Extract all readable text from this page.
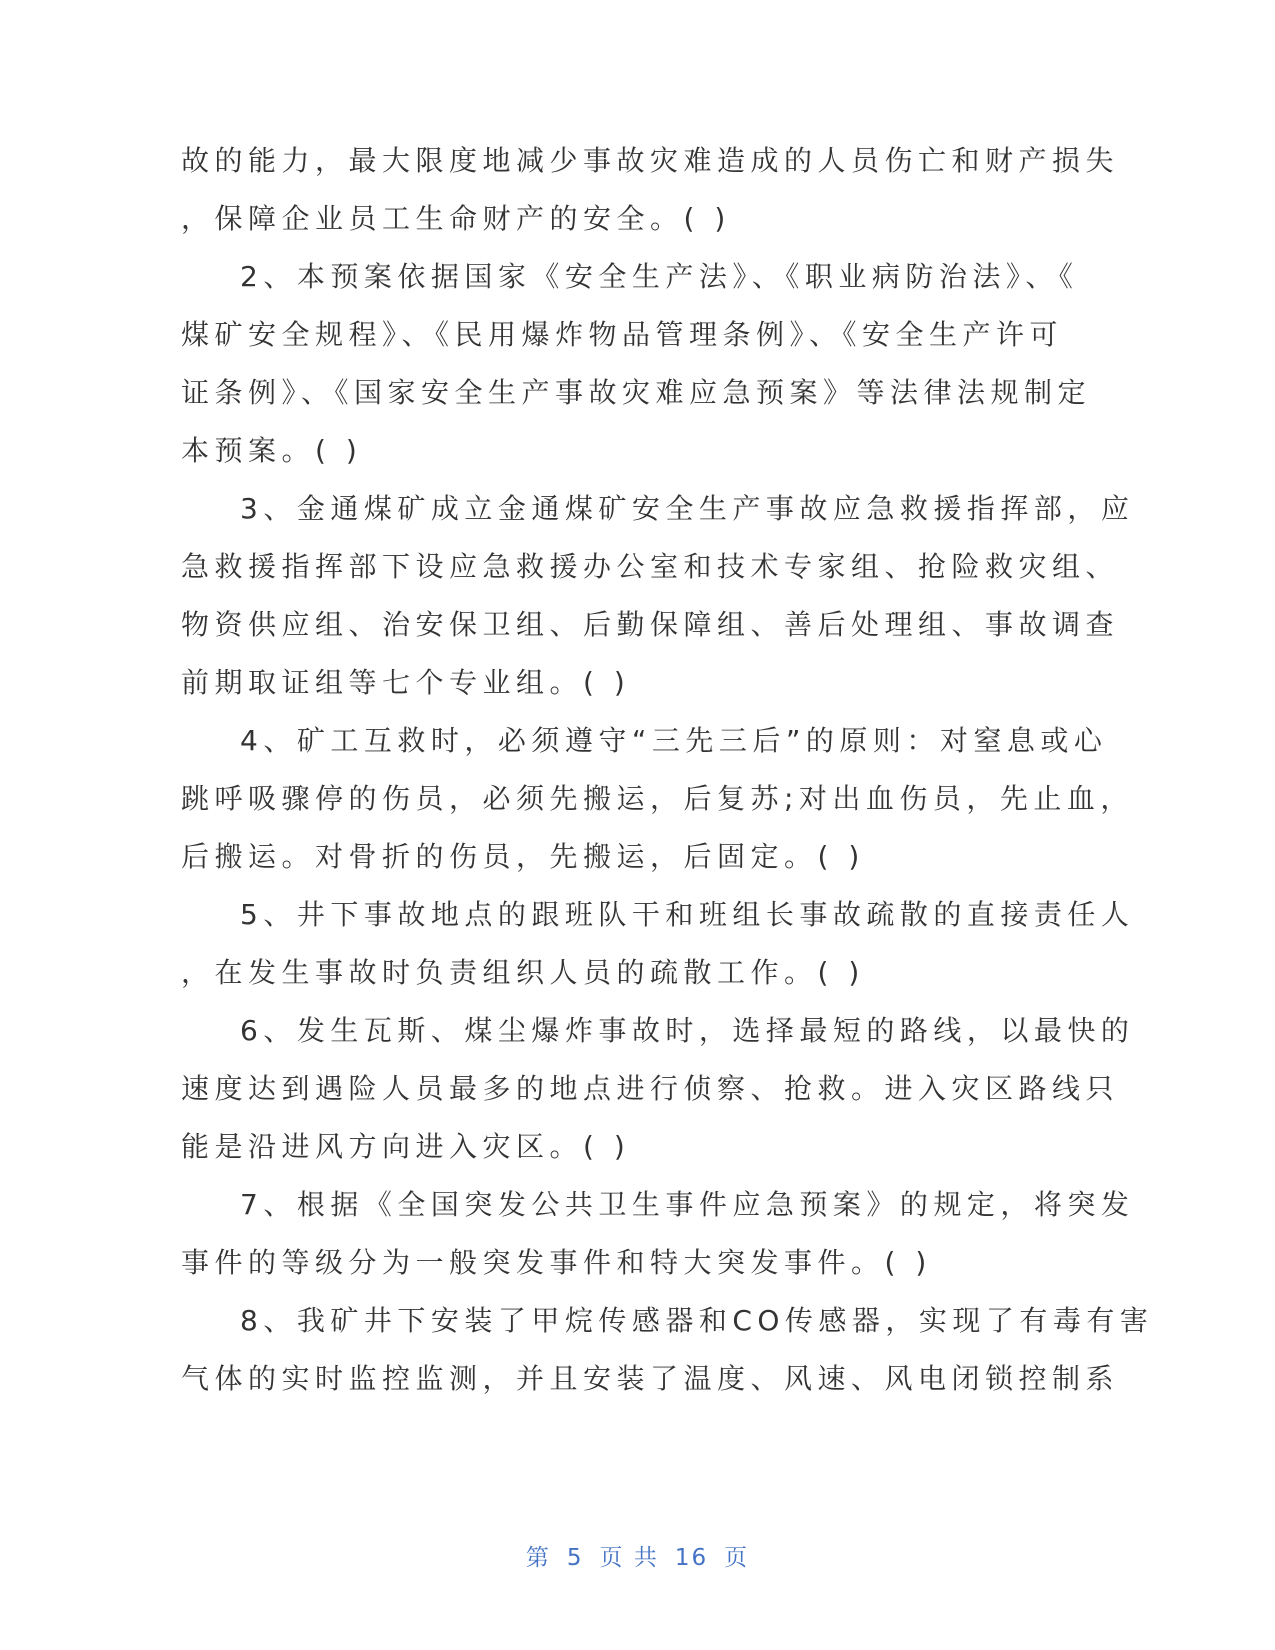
故的能力，最大限度地减少事故灾难造成的人员伤亡和财产损失
，保障企业员工生命财产的安全。( )
2、本预案依据国家《安全生产法》、《职业病防治法》、《
煤矿安全规程》、《民用爆炸物品管理条例》、《安全生产许可
证条例》、《国家安全生产事故灾难应急预案》等法律法规制定
本预案。( )
3、金通煤矿成立金通煤矿安全生产事故应急救援指挥部，应
急救援指挥部下设应急救援办公室和技术专家组、抢险救灾组、
物资供应组、治安保卫组、后勤保障组、善后处理组、事故调查
前期取证组等七个专业组。( )
4、矿工互救时，必须遵守“三先三后”的原则：对窒息或心
跳呼吸骤停的伤员，必须先搬运，后复苏;对出血伤员，先止血，
后搬运。对骨折的伤员，先搬运，后固定。( )
5、井下事故地点的跟班队干和班组长事故疏散的直接责任人
，在发生事故时负责组织人员的疏散工作。( )
6、发生瓦斯、煤尘爆炸事故时，选择最短的路线，以最快的
速度达到遇险人员最多的地点进行侦察、抢救。进入灾区路线只
能是沿进风方向进入灾区。( )
7、根据《全国突发公共卫生事件应急预案》的规定，将突发
事件的等级分为一般突发事件和特大突发事件。( )
8、我矿井下安装了甲烷传感器和CO传感器，实现了有毒有害
气体的实时监控监测，并且安装了温度、风速、风电闭锁控制系
第 5 页 共 16 页
